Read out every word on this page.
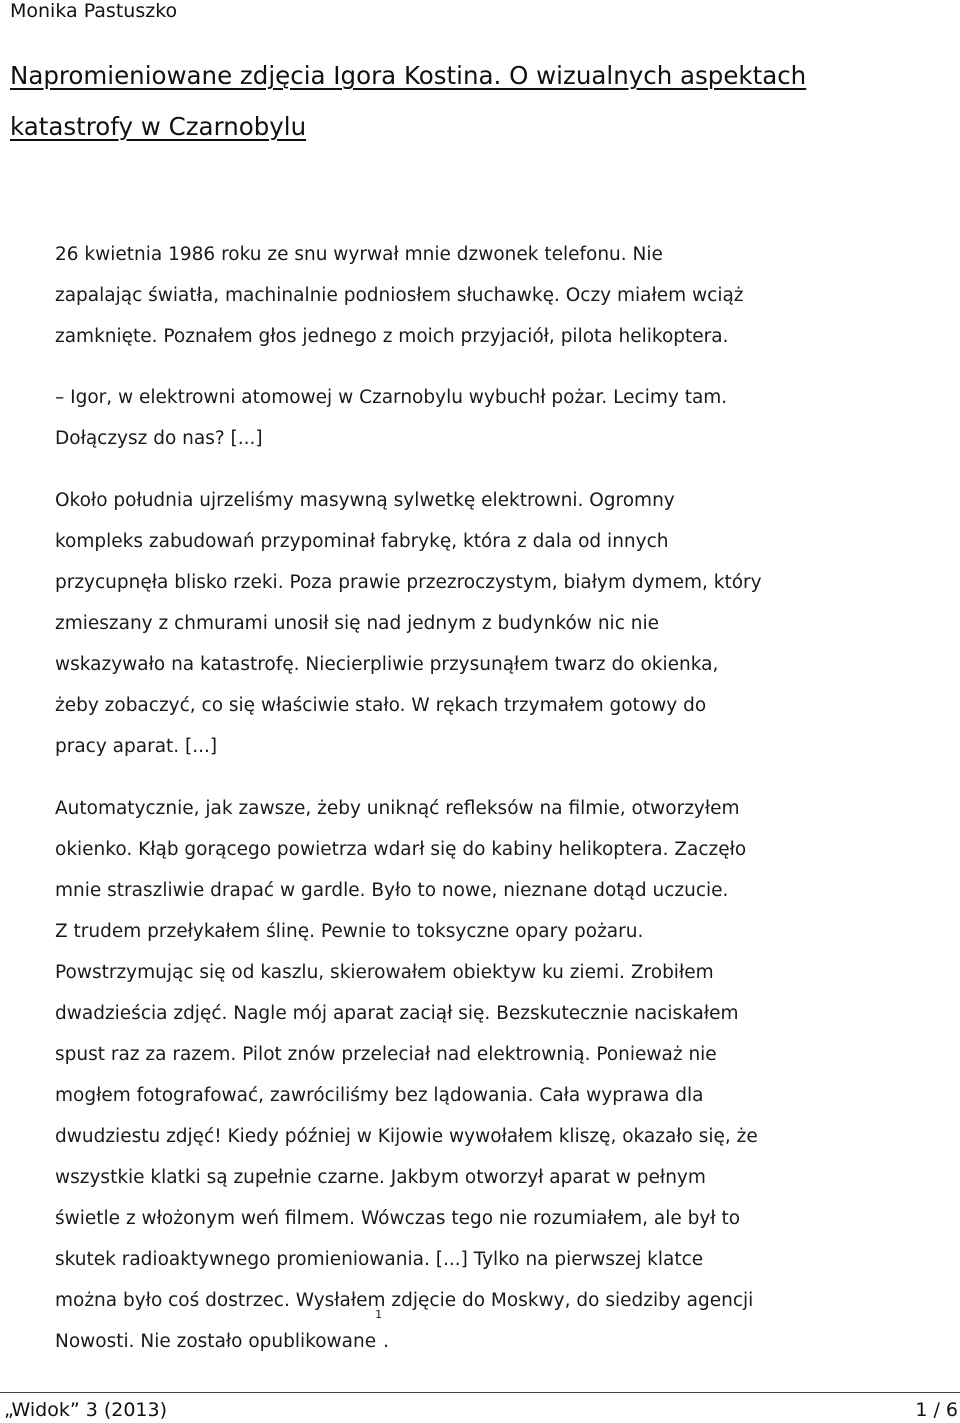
Monika Pastuszko
Napromieniowane zdjęcia Igora Kostina. O wizualnych aspektach
katastrofy w Czarnobylu
26 kwietnia 1986 roku ze snu wyrwał mnie dzwonek telefonu. Nie
zapalając światła, machinalnie podniosłem słuchawkę. Oczy miałem wciąż
zamknięte. Poznałem głos jednego z moich przyjaciół, pilota helikoptera.
– Igor, w elektrowni atomowej w Czarnobylu wybuchł pożar. Lecimy tam.
Dołączysz do nas? [...]
Około południa ujrzeliśmy masywną sylwetkę elektrowni. Ogromny
kompleks zabudowań przypominał fabrykę, która z dala od innych
przycupnęła blisko rzeki. Poza prawie przezroczystym, białym dymem, który
zmieszany z chmurami unosił się nad jednym z budynków nic nie
wskazywało na katastrofę. Niecierpliwie przysunąłem twarz do okienka,
żeby zobaczyć, co się właściwie stało. W rękach trzymałem gotowy do
pracy aparat. [...]
Automatycznie, jak zawsze, żeby uniknąć refleksów na filmie, otworzyłem
okienko. Kłąb gorącego powietrza wdarł się do kabiny helikoptera. Zaczęło
mnie straszliwie drapać w gardle. Było to nowe, nieznane dotąd uczucie.
Z trudem przełykałem ślinę. Pewnie to toksyczne opary pożaru.
Powstrzymując się od kaszlu, skierowałem obiektyw ku ziemi. Zrobiłem
dwadzieścia zdjęć. Nagle mój aparat zaciął się. Bezskutecznie naciskałem
spust raz za razem. Pilot znów przeleciał nad elektrownią. Ponieważ nie
mogłem fotografować, zawróciliśmy bez lądowania. Cała wyprawa dla
dwudziestu zdjęć! Kiedy później w Kijowie wywołałem kliszę, okazało się, że
wszystkie klatki są zupełnie czarne. Jakbym otworzył aparat w pełnym
świetle z włożonym weń filmem. Wówczas tego nie rozumiałem, ale był to
skutek radioaktywnego promieniowania. [...] Tylko na pierwszej klatce
można było coś dostrzec. Wysłałem zdjęcie do Moskwy, do siedziby agencji
Nowosti. Nie zostało opublikowane$^1$.
„Widok” 3 (2013)	1 / 6
